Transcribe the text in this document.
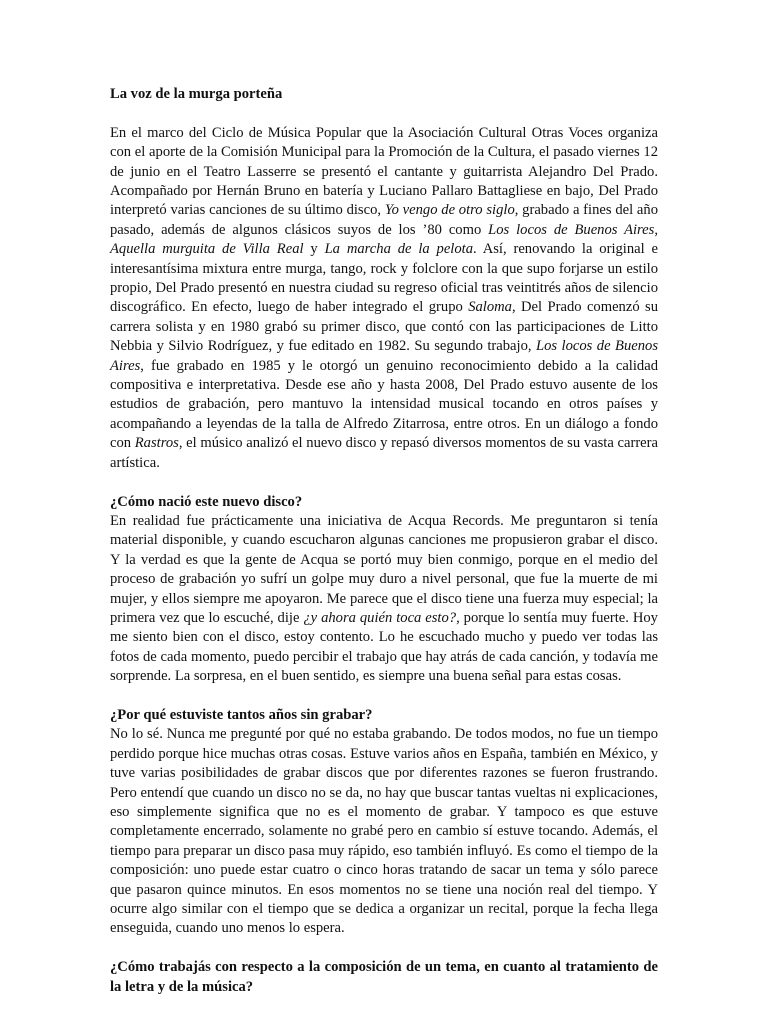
La voz de la murga porteña

En el marco del Ciclo de Música Popular que la Asociación Cultural Otras Voces organiza con el aporte de la Comisión Municipal para la Promoción de la Cultura, el pasado viernes 12 de junio en el Teatro Lasserre se presentó el cantante y guitarrista Alejandro Del Prado. Acompañado por Hernán Bruno en batería y Luciano Pallaro Battagliese en bajo, Del Prado interpretó varias canciones de su último disco, Yo vengo de otro siglo, grabado a fines del año pasado, además de algunos clásicos suyos de los ’80 como Los locos de Buenos Aires, Aquella murguita de Villa Real y La marcha de la pelota. Así, renovando la original e interesantísima mixtura entre murga, tango, rock y folclore con la que supo forjarse un estilo propio, Del Prado presentó en nuestra ciudad su regreso oficial tras veintitrés años de silencio discográfico. En efecto, luego de haber integrado el grupo Saloma, Del Prado comenzó su carrera solista y en 1980 grabó su primer disco, que contó con las participaciones de Litto Nebbia y Silvio Rodríguez, y fue editado en 1982. Su segundo trabajo, Los locos de Buenos Aires, fue grabado en 1985 y le otorgó un genuino reconocimiento debido a la calidad compositiva e interpretativa. Desde ese año y hasta 2008, Del Prado estuvo ausente de los estudios de grabación, pero mantuvo la intensidad musical tocando en otros países y acompañando a leyendas de la talla de Alfredo Zitarrosa, entre otros. En un diálogo a fondo con Rastros, el músico analizó el nuevo disco y repasó diversos momentos de su vasta carrera artística.

¿Cómo nació este nuevo disco?

En realidad fue prácticamente una iniciativa de Acqua Records. Me preguntaron si tenía material disponible, y cuando escucharon algunas canciones me propusieron grabar el disco. Y la verdad es que la gente de Acqua se portó muy bien conmigo, porque en el medio del proceso de grabación yo sufrí un golpe muy duro a nivel personal, que fue la muerte de mi mujer, y ellos siempre me apoyaron. Me parece que el disco tiene una fuerza muy especial; la primera vez que lo escuché, dije ¿y ahora quién toca esto?, porque lo sentía muy fuerte. Hoy me siento bien con el disco, estoy contento. Lo he escuchado mucho y puedo ver todas las fotos de cada momento, puedo percibir el trabajo que hay atrás de cada canción, y todavía me sorprende. La sorpresa, en el buen sentido, es siempre una buena señal para estas cosas.

¿Por qué estuviste tantos años sin grabar?

No lo sé. Nunca me pregunté por qué no estaba grabando. De todos modos, no fue un tiempo perdido porque hice muchas otras cosas. Estuve varios años en España, también en México, y tuve varias posibilidades de grabar discos que por diferentes razones se fueron frustrando. Pero entendí que cuando un disco no se da, no hay que buscar tantas vueltas ni explicaciones, eso simplemente significa que no es el momento de grabar. Y tampoco es que estuve completamente encerrado, solamente no grabé pero en cambio sí estuve tocando. Además, el tiempo para preparar un disco pasa muy rápido, eso también influyó. Es como el tiempo de la composición: uno puede estar cuatro o cinco horas tratando de sacar un tema y sólo parece que pasaron quince minutos. En esos momentos no se tiene una noción real del tiempo. Y ocurre algo similar con el tiempo que se dedica a organizar un recital, porque la fecha llega enseguida, cuando uno menos lo espera.

¿Cómo trabajás con respecto a la composición de un tema, en cuanto al tratamiento de la letra y de la música?
